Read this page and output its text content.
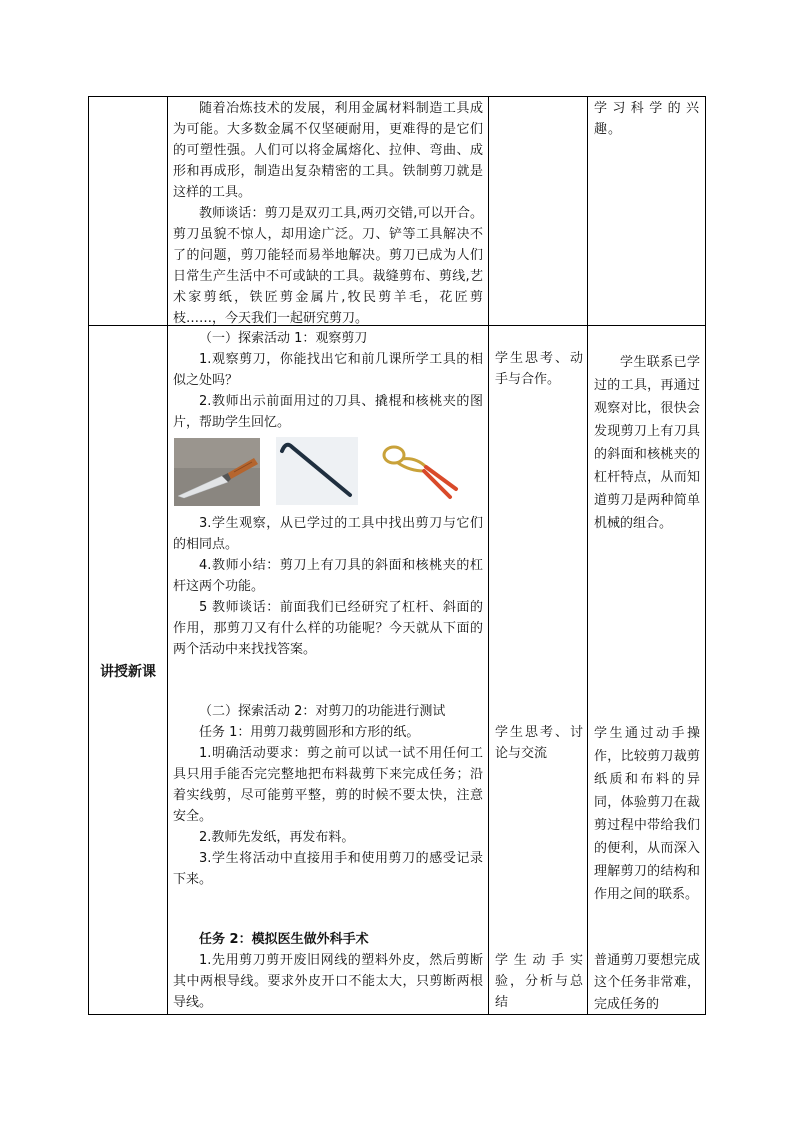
随着冶炼技术的发展，利用金属材料制造工具成为可能。大多数金属不仅坚硬耐用，更难得的是它们的可塑性强。人们可以将金属熔化、拉伸、弯曲、成形和再成形，制造出复杂精密的工具。铁制剪刀就是这样的工具。

教师谈话：剪刀是双刃工具,两刃交错,可以开合。剪刀虽貌不惊人，却用途广泛。刀、铲等工具解决不了的问题，剪刀能轻而易举地解决。剪刀已成为人们日常生产生活中不可或缺的工具。裁缝剪布、剪线,艺术家剪纸，铁匠剪金属片,牧民剪羊毛，花匠剪枝……，今天我们一起研究剪刀。

学习科学的兴趣。

讲授新课

（一）探索活动 1：观察剪刀

1.观察剪刀，你能找出它和前几课所学工具的相似之处吗？

2.教师出示前面用过的刀具、撬棍和核桃夹的图片，帮助学生回忆。

3.学生观察，从已学过的工具中找出剪刀与它们的相同点。

4.教师小结：剪刀上有刀具的斜面和核桃夹的杠杆这两个功能。

5 教师谈话：前面我们已经研究了杠杆、斜面的作用，那剪刀又有什么样的功能呢？今天就从下面的两个活动中来找找答案。

学生思考、动手与合作。

学生联系已学过的工具，再通过观察对比，很快会发现剪刀上有刀具的斜面和核桃夹的杠杆特点，从而知道剪刀是两种简单机械的组合。

（二）探索活动 2：对剪刀的功能进行测试

任务 1：用剪刀裁剪圆形和方形的纸。

1.明确活动要求：剪之前可以试一试不用任何工具只用手能否完完整地把布料裁剪下来完成任务；沿着实线剪，尽可能剪平整，剪的时候不要太快，注意安全。

2.教师先发纸，再发布料。

3.学生将活动中直接用手和使用剪刀的感受记录下来。

学生思考、讨论与交流

学生通过动手操作，比较剪刀裁剪纸质和布料的异同，体验剪刀在裁剪过程中带给我们的便利，从而深入理解剪刀的结构和作用之间的联系。

任务 2：模拟医生做外科手术

1.先用剪刀剪开废旧网线的塑料外皮，然后剪断其中两根导线。要求外皮开口不能太大，只剪断两根导线。

学生动手实验，分析与总结

普通剪刀要想完成这个任务非常难，完成任务的
